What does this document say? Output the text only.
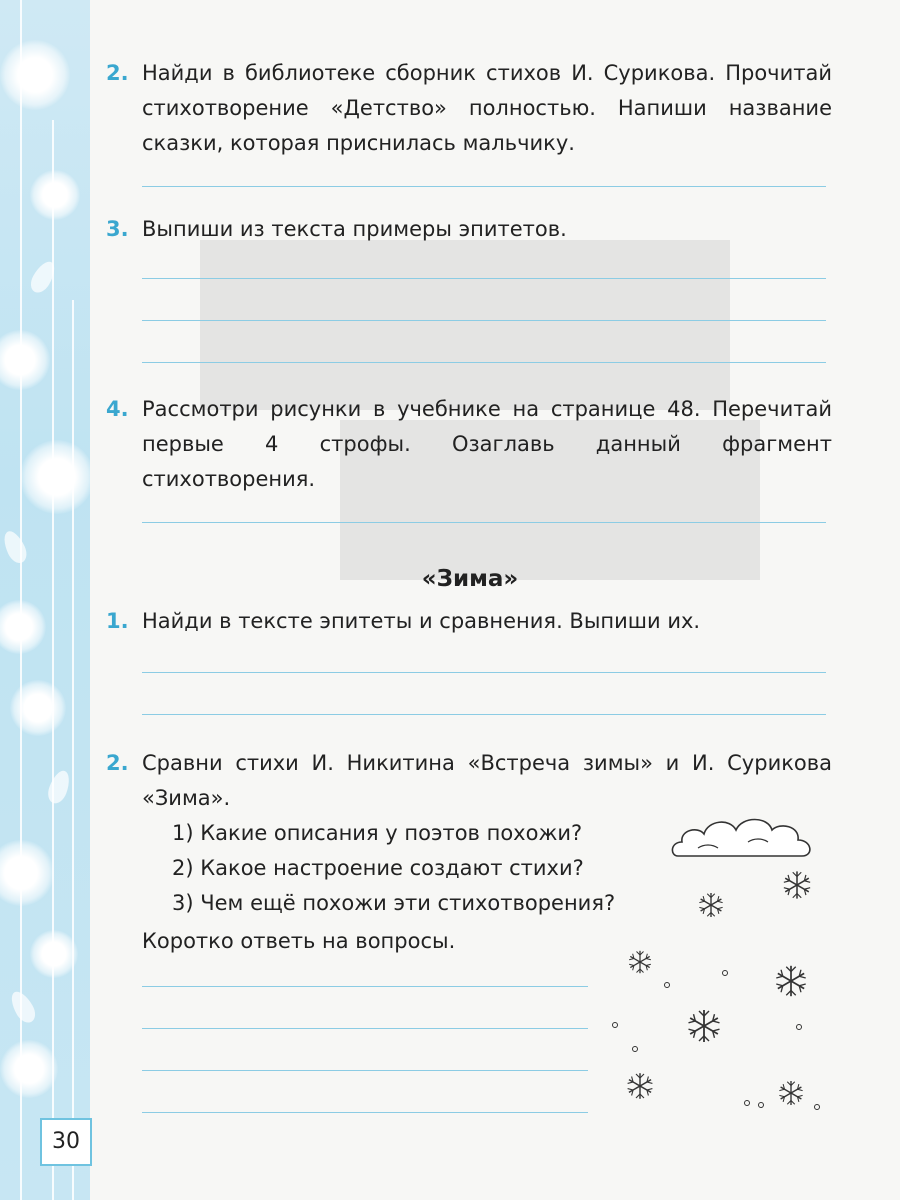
30
2. Найди в библиотеке сборник стихов И. Сурикова. Прочитай стихотворение «Детство» полностью. Напиши название сказки, которая приснилась мальчику.
3. Выпиши из текста примеры эпитетов.
4. Рассмотри рисунки в учебнике на странице 48. Перечитай первые 4 строфы. Озаглавь данный фрагмент стихотворения.
«Зима»
1. Найди в тексте эпитеты и сравнения. Выпиши их.
2. Сравни стихи И. Никитина «Встреча зимы» и И. Сурикова «Зима».
1) Какие описания у поэтов похожи?
2) Какое настроение создают стихи?
3) Чем ещё похожи эти стихотворения?
Коротко ответь на вопросы.
